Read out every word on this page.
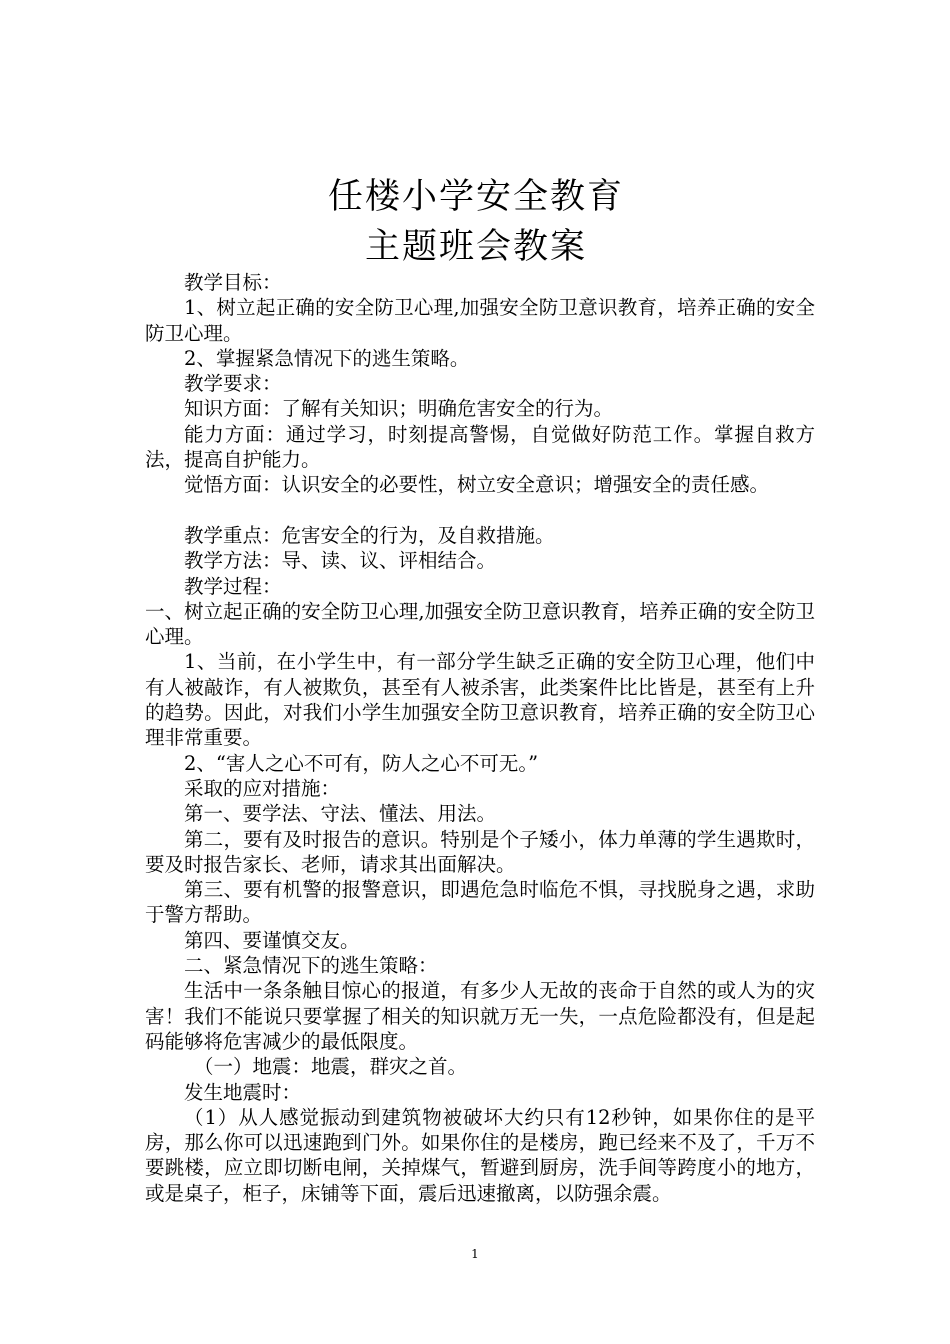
任楼小学安全教育
主题班会教案

教学目标：

1、树立起正确的安全防卫心理,加强安全防卫意识教育，培养正确的安全防卫心理。

2、掌握紧急情况下的逃生策略。

教学要求：

知识方面：了解有关知识；明确危害安全的行为。

能力方面：通过学习，时刻提高警惕，自觉做好防范工作。掌握自救方法，提高自护能力。

觉悟方面：认识安全的必要性，树立安全意识；增强安全的责任感。

教学重点：危害安全的行为，及自救措施。

教学方法：导、读、议、评相结合。

教学过程：

一、树立起正确的安全防卫心理,加强安全防卫意识教育，培养正确的安全防卫心理。

1、当前，在小学生中，有一部分学生缺乏正确的安全防卫心理，他们中有人被敲诈，有人被欺负，甚至有人被杀害，此类案件比比皆是，甚至有上升的趋势。因此，对我们小学生加强安全防卫意识教育，培养正确的安全防卫心理非常重要。

2、“害人之心不可有，防人之心不可无。”

采取的应对措施：

第一、要学法、守法、懂法、用法。

第二，要有及时报告的意识。特别是个子矮小，体力单薄的学生遇欺时，要及时报告家长、老师，请求其出面解决。

第三、要有机警的报警意识，即遇危急时临危不惧，寻找脱身之遇，求助于警方帮助。

第四、要谨慎交友。

二、紧急情况下的逃生策略：

生活中一条条触目惊心的报道，有多少人无故的丧命于自然的或人为的灾害！我们不能说只要掌握了相关的知识就万无一失，一点危险都没有，但是起码能够将危害减少的最低限度。

（一）地震：地震，群灾之首。

发生地震时：

（1）从人感觉振动到建筑物被破坏大约只有12秒钟，如果你住的是平房，那么你可以迅速跑到门外。如果你住的是楼房，跑已经来不及了，千万不要跳楼，应立即切断电闸，关掉煤气，暂避到厨房，洗手间等跨度小的地方，或是桌子，柜子，床铺等下面，震后迅速撤离，以防强余震。

1
